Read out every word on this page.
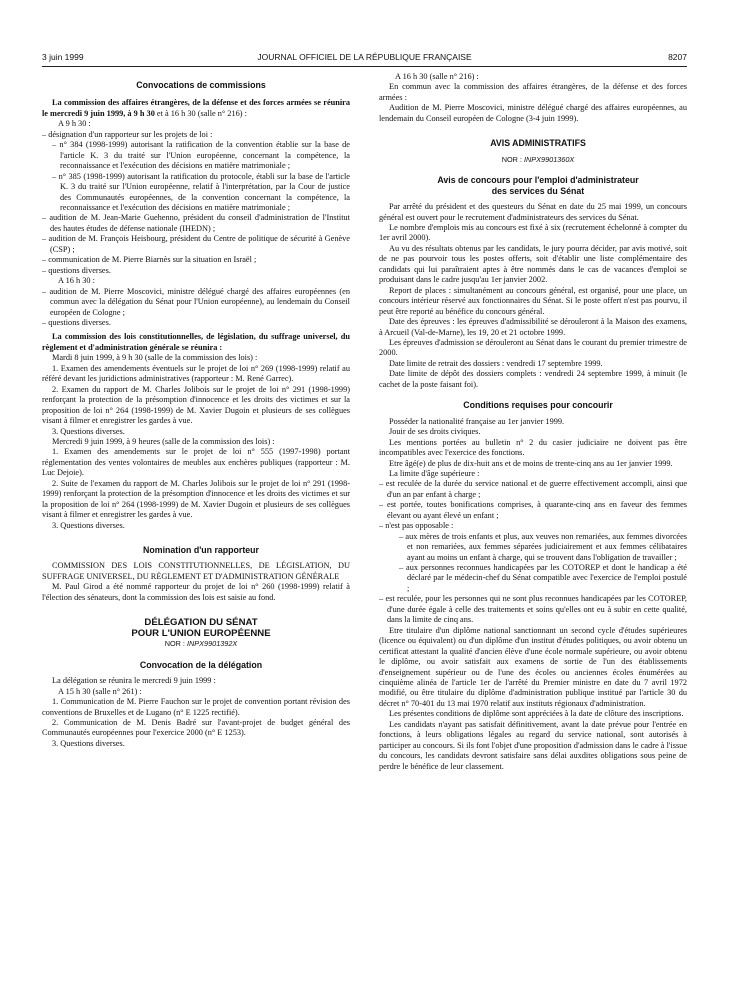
3 juin 1999	JOURNAL OFFICIEL DE LA RÉPUBLIQUE FRANÇAISE	8207

Convocations de commissions

La commission des affaires étrangères, de la défense et des forces armées se réunira le mercredi 9 juin 1999, à 9 h 30 et à 16 h 30 (salle n° 216) :

A 9 h 30 :

– désignation d'un rapporteur sur les projets de loi :

– n° 384 (1998-1999) autorisant la ratification de la convention établie sur la base de l'article K. 3 du traité sur l'Union européenne, concernant la compétence, la reconnaissance et l'exécution des décisions en matière matrimoniale ;

– n° 385 (1998-1999) autorisant la ratification du protocole, établi sur la base de l'article K. 3 du traité sur l'Union européenne, relatif à l'interprétation, par la Cour de justice des Communautés européennes, de la convention concernant la compétence, la reconnaissance et l'exécution des décisions en matière matrimoniale ;

– audition de M. Jean-Marie Guehenno, président du conseil d'administration de l'Institut des hautes études de défense nationale (IHEDN) ;

– audition de M. François Heisbourg, président du Centre de politique de sécurité à Genève (CSP) ;

– communication de M. Pierre Biarnès sur la situation en Israël ;

– questions diverses.

A 16 h 30 :

– audition de M. Pierre Moscovici, ministre délégué chargé des affaires européennes (en commun avec la délégation du Sénat pour l'Union européenne), au lendemain du Conseil européen de Cologne ;

– questions diverses.

La commission des lois constitutionnelles, de législation, du suffrage universel, du règlement et d'administration générale se réunira :

Mardi 8 juin 1999, à 9 h 30 (salle de la commission des lois) :

1. Examen des amendements éventuels sur le projet de loi n° 269 (1998-1999) relatif au référé devant les juridictions administratives (rapporteur : M. René Garrec).

2. Examen du rapport de M. Charles Jolibois sur le projet de loi n° 291 (1998-1999) renforçant la protection de la présomption d'innocence et les droits des victimes et sur la proposition de loi n° 264 (1998-1999) de M. Xavier Dugoin et plusieurs de ses collègues visant à filmer et enregistrer les gardes à vue.

3. Questions diverses.

Mercredi 9 juin 1999, à 9 heures (salle de la commission des lois) :

1. Examen des amendements sur le projet de loi n° 555 (1997-1998) portant réglementation des ventes volontaires de meubles aux enchères publiques (rapporteur : M. Luc Dejoie).

2. Suite de l'examen du rapport de M. Charles Jolibois sur le projet de loi n° 291 (1998-1999) renforçant la protection de la présomption d'innocence et les droits des victimes et sur la proposition de loi n° 264 (1998-1999) de M. Xavier Dugoin et plusieurs de ses collègues visant à filmer et enregistrer les gardes à vue.

3. Questions diverses.

Nomination d'un rapporteur

COMMISSION DES LOIS CONSTITUTIONNELLES, DE LÉGISLATION, DU SUFFRAGE UNIVERSEL, DU RÈGLEMENT ET D'ADMINISTRATION GÉNÉRALE

M. Paul Girod a été nommé rapporteur du projet de loi n° 260 (1998-1999) relatif à l'élection des sénateurs, dont la commission des lois est saisie au fond.

DÉLÉGATION DU SÉNAT

POUR L'UNION EUROPÉENNE

NOR : INPX9901392X

Convocation de la délégation

La délégation se réunira le mercredi 9 juin 1999 :

A 15 h 30 (salle n° 261) :

1. Communication de M. Pierre Fauchon sur le projet de convention portant révision des conventions de Bruxelles et de Lugano (n° E 1225 rectifié).

2. Communication de M. Denis Badré sur l'avant-projet de budget général des Communautés européennes pour l'exercice 2000 (n° E 1253).

3. Questions diverses.

A 16 h 30 (salle n° 216) :

En commun avec la commission des affaires étrangères, de la défense et des forces armées :

Audition de M. Pierre Moscovici, ministre délégué chargé des affaires européennes, au lendemain du Conseil européen de Cologne (3-4 juin 1999).

AVIS ADMINISTRATIFS

NOR : INPX9901360X

Avis de concours pour l'emploi d'administrateur

des services du Sénat

Par arrêté du président et des questeurs du Sénat en date du 25 mai 1999, un concours général est ouvert pour le recrutement d'administrateurs des services du Sénat.

Le nombre d'emplois mis au concours est fixé à six (recrutement échelonné à compter du 1er avril 2000).

Au vu des résultats obtenus par les candidats, le jury pourra décider, par avis motivé, soit de ne pas pourvoir tous les postes offerts, soit d'établir une liste complémentaire des candidats qui lui paraîtraient aptes à être nommés dans le cas de vacances d'emploi se produisant dans le cadre jusqu'au 1er janvier 2002.

Report de places : simultanément au concours général, est organisé, pour une place, un concours intérieur réservé aux fonctionnaires du Sénat. Si le poste offert n'est pas pourvu, il peut être reporté au bénéfice du concours général.

Date des épreuves : les épreuves d'admissibilité se dérouleront à la Maison des examens, à Arcueil (Val-de-Marne), les 19, 20 et 21 octobre 1999.

Les épreuves d'admission se dérouleront au Sénat dans le courant du premier trimestre de 2000.

Date limite de retrait des dossiers : vendredi 17 septembre 1999.

Date limite de dépôt des dossiers complets : vendredi 24 septembre 1999, à minuit (le cachet de la poste faisant foi).

Conditions requises pour concourir

Posséder la nationalité française au 1er janvier 1999.

Jouir de ses droits civiques.

Les mentions portées au bulletin n° 2 du casier judiciaire ne doivent pas être incompatibles avec l'exercice des fonctions.

Etre âgé(e) de plus de dix-huit ans et de moins de trente-cinq ans au 1er janvier 1999.

La limite d'âge supérieure :

– est reculée de la durée du service national et de guerre effectivement accompli, ainsi que d'un an par enfant à charge ;

– est portée, toutes bonifications comprises, à quarante-cinq ans en faveur des femmes élevant ou ayant élevé un enfant ;

– n'est pas opposable :

– aux mères de trois enfants et plus, aux veuves non remariées, aux femmes divorcées et non remariées, aux femmes séparées judiciairement et aux femmes célibataires ayant au moins un enfant à charge, qui se trouvent dans l'obligation de travailler ;

– aux personnes reconnues handicapées par les COTOREP et dont le handicap a été déclaré par le médecin-chef du Sénat compatible avec l'exercice de l'emploi postulé ;

– est reculée, pour les personnes qui ne sont plus reconnues handicapées par les COTOREP, d'une durée égale à celle des traitements et soins qu'elles ont eu à subir en cette qualité, dans la limite de cinq ans.

Etre titulaire d'un diplôme national sanctionnant un second cycle d'études supérieures (licence ou équivalent) ou d'un diplôme d'un institut d'études politiques, ou avoir obtenu un certificat attestant la qualité d'ancien élève d'une école normale supérieure, ou avoir obtenu le diplôme, ou avoir satisfait aux examens de sortie de l'un des établissements d'enseignement supérieur ou de l'une des écoles ou anciennes écoles énumérées au cinquième alinéa de l'article 1er de l'arrêté du Premier ministre en date du 7 avril 1972 modifié, ou être titulaire du diplôme d'administration publique institué par l'article 30 du décret n° 70-401 du 13 mai 1970 relatif aux instituts régionaux d'administration.

Les présentes conditions de diplôme sont appréciées à la date de clôture des inscriptions.

Les candidats n'ayant pas satisfait définitivement, avant la date prévue pour l'entrée en fonctions, à leurs obligations légales au regard du service national, sont autorisés à participer au concours. Si ils font l'objet d'une proposition d'admission dans le cadre à l'issue du concours, les candidats devront satisfaire sans délai auxdites obligations sous peine de perdre le bénéfice de leur classement.
